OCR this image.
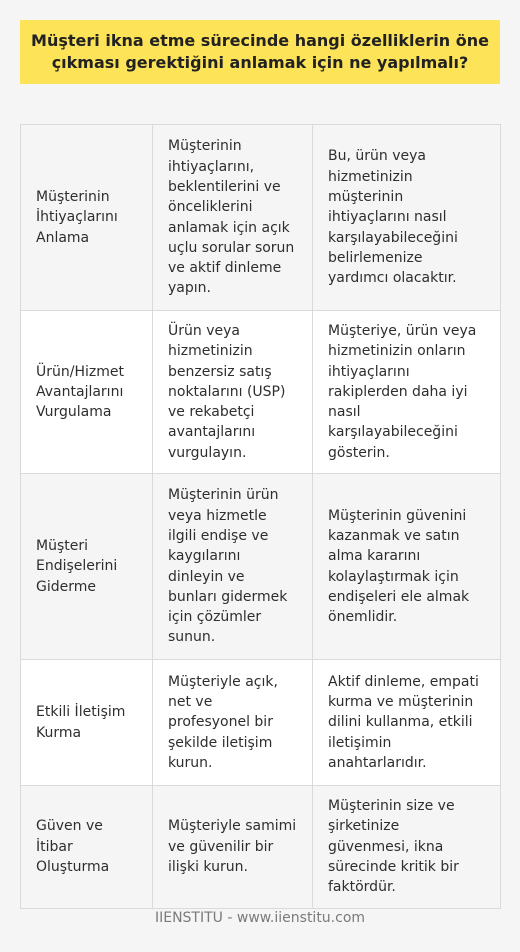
Müşteri ikna etme sürecinde hangi özelliklerin öne çıkması gerektiğini anlamak için ne yapılmalı?
Müşterinin İhtiyaçlarını Anlama	Müşterinin ihtiyaçlarını, beklentilerini ve önceliklerini anlamak için açık uçlu sorular sorun ve aktif dinleme yapın.	Bu, ürün veya hizmetinizin müşterinin ihtiyaçlarını nasıl karşılayabileceğini belirlemenize yardımcı olacaktır.
Ürün/Hizmet Avantajlarını Vurgulama	Ürün veya hizmetinizin benzersiz satış noktalarını (USP) ve rekabetçi avantajlarını vurgulayın.	Müşteriye, ürün veya hizmetinizin onların ihtiyaçlarını rakiplerden daha iyi nasıl karşılayabileceğini gösterin.
Müşteri Endişelerini Giderme	Müşterinin ürün veya hizmetle ilgili endişe ve kaygılarını dinleyin ve bunları gidermek için çözümler sunun.	Müşterinin güvenini kazanmak ve satın alma kararını kolaylaştırmak için endişeleri ele almak önemlidir.
Etkili İletişim Kurma	Müşteriyle açık, net ve profesyonel bir şekilde iletişim kurun.	Aktif dinleme, empati kurma ve müşterinin dilini kullanma, etkili iletişimin anahtarlarıdır.
Güven ve İtibar Oluşturma	Müşteriyle samimi ve güvenilir bir ilişki kurun.	Müşterinin size ve şirketinize güvenmesi, ikna sürecinde kritik bir faktördür.
IIENSTITU - www.iienstitu.com
